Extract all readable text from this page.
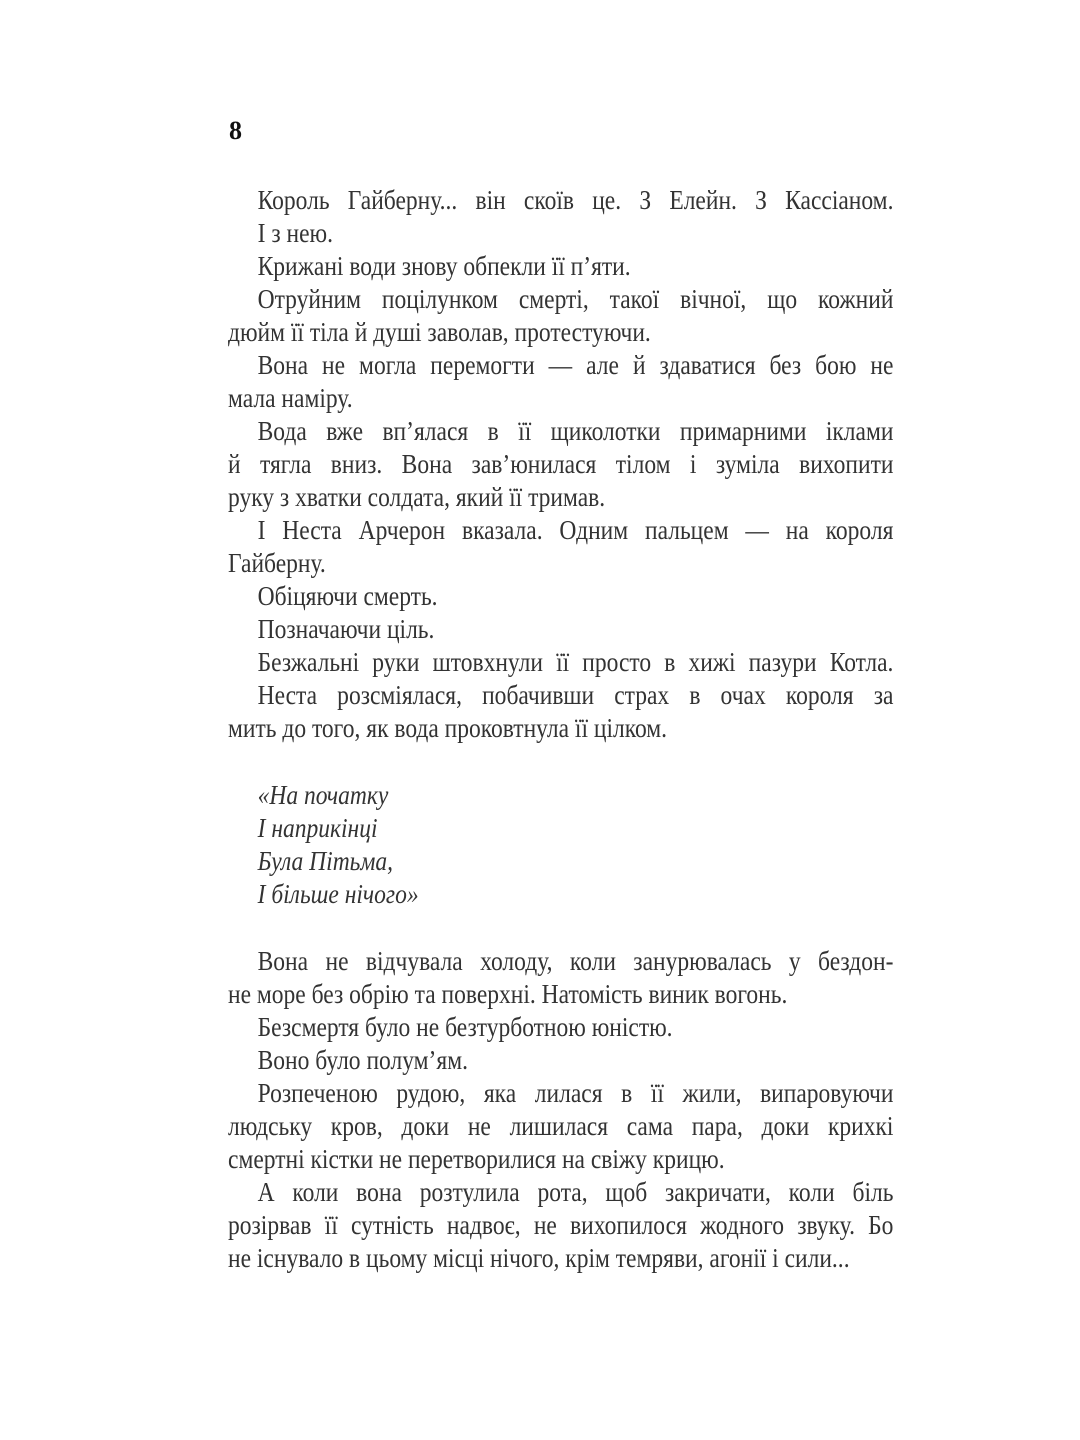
8
Король Гайберну... він скоїв це. З Елейн. З Кассіаном.
І з нею.
Крижані води знову обпекли її п’яти.
Отруйним поцілунком смерті, такої вічної, що кожний
дюйм її тіла й душі заволав, протестуючи.
Вона не могла перемогти — але й здаватися без бою не
мала наміру.
Вода вже вп’ялася в її щиколотки примарними іклами
й тягла вниз. Вона зав’юнилася тілом і зуміла вихопити
руку з хватки солдата, який її тримав.
І Неста Арчерон вказала. Одним пальцем — на короля
Гайберну.
Обіцяючи смерть.
Позначаючи ціль.
Безжальні руки штовхнули її просто в хижі пазури Котла.
Неста розсміялася, побачивши страх в очах короля за
мить до того, як вода проковтнула її цілком.
«На початку
І наприкінці
Була Пітьма,
І більше нічого»
Вона не відчувала холоду, коли занурювалась у бездон-
не море без обрію та поверхні. Натомість виник вогонь.
Безсмертя було не безтурботною юністю.
Воно було полум’ям.
Розпеченою рудою, яка лилася в її жили, випаровуючи
людську кров, доки не лишилася сама пара, доки крихкі
смертні кістки не перетворилися на свіжу крицю.
А коли вона розтулила рота, щоб закричати, коли біль
розірвав її сутність надвоє, не вихопилося жодного звуку. Бо
не існувало в цьому місці нічого, крім темряви, агонії і сили...
